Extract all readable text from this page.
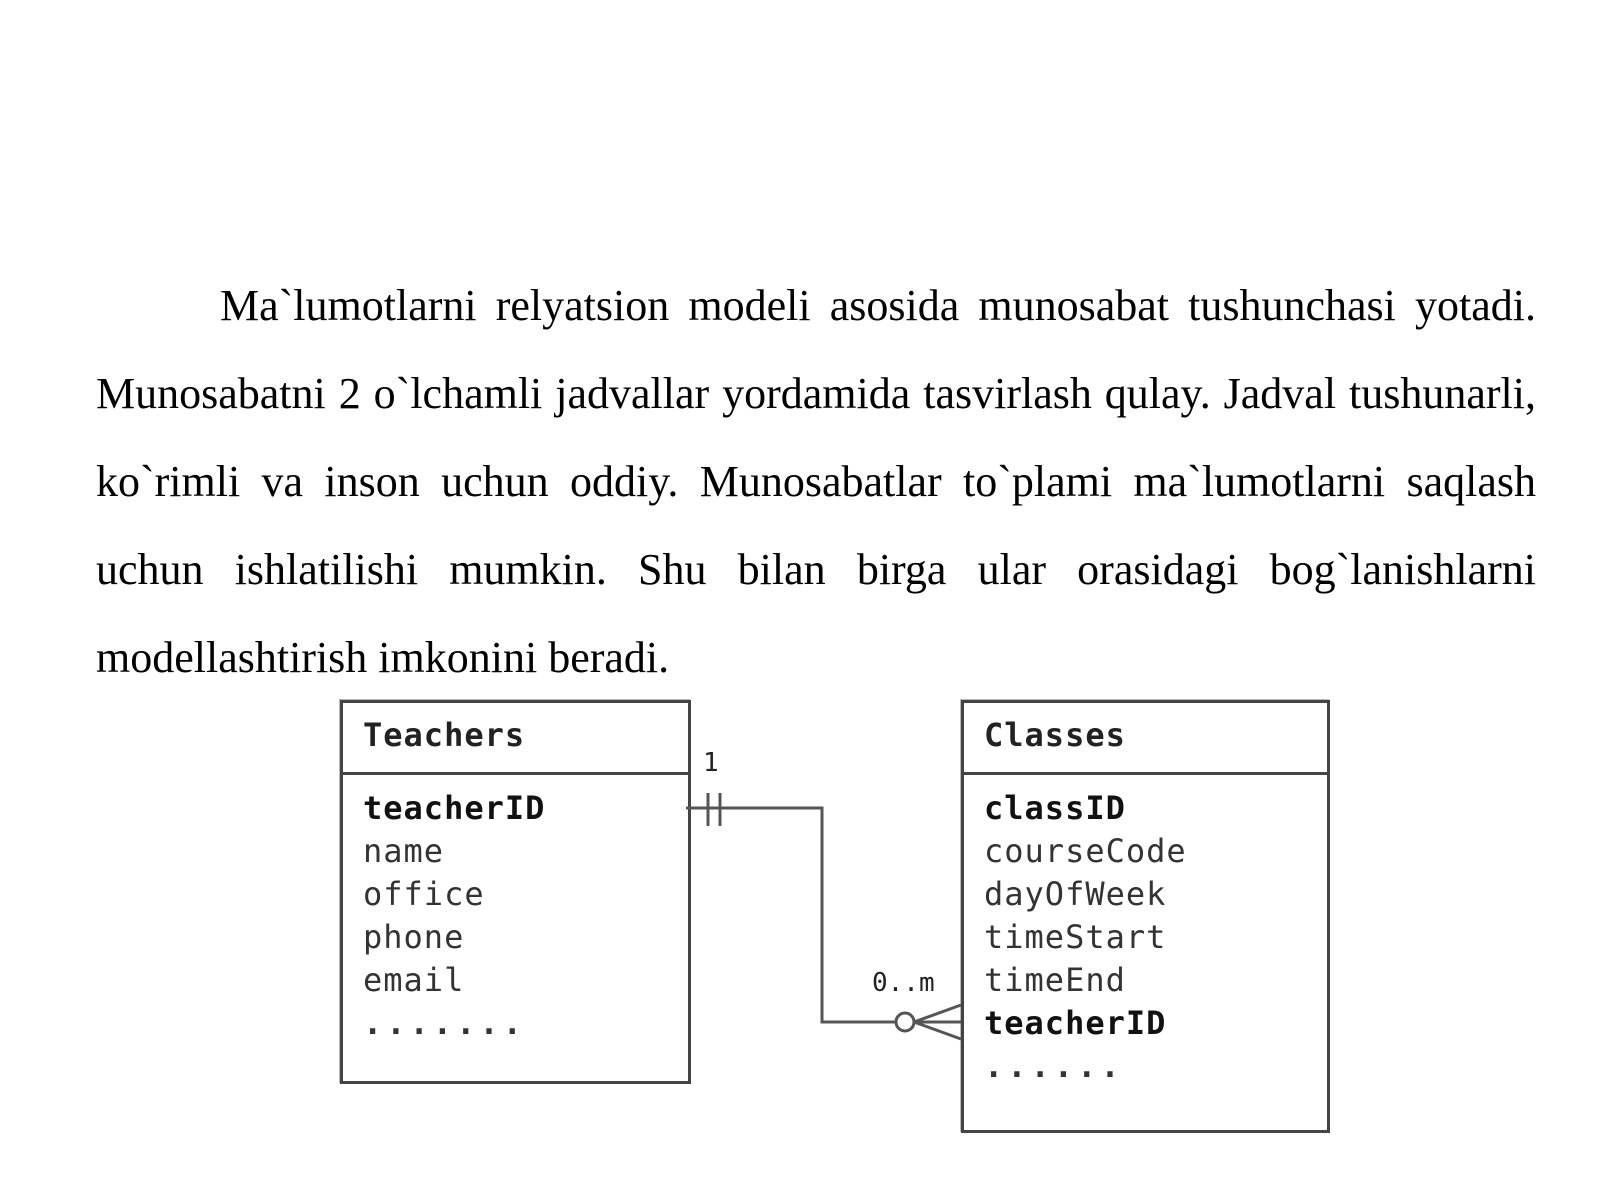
Ma`lumotlarni relyatsion modeli asosida munosabat tushunchasi yotadi. Munosabatni 2 o`lchamli jadvallar yordamida tasvirlash qulay. Jadval tushunarli, ko`rimli va inson uchun oddiy. Munosabatlar to`plami ma`lumotlarni saqlash uchun ishlatilishi mumkin. Shu bilan birga ular orasidagi bog`lanishlarni modellashtirish imkonini beradi.

Teachers
teacherID
name
office
phone
email
.......
Classes
classID
courseCode
dayOfWeek
timeStart
timeEnd
teacherID
......
1
0..m
